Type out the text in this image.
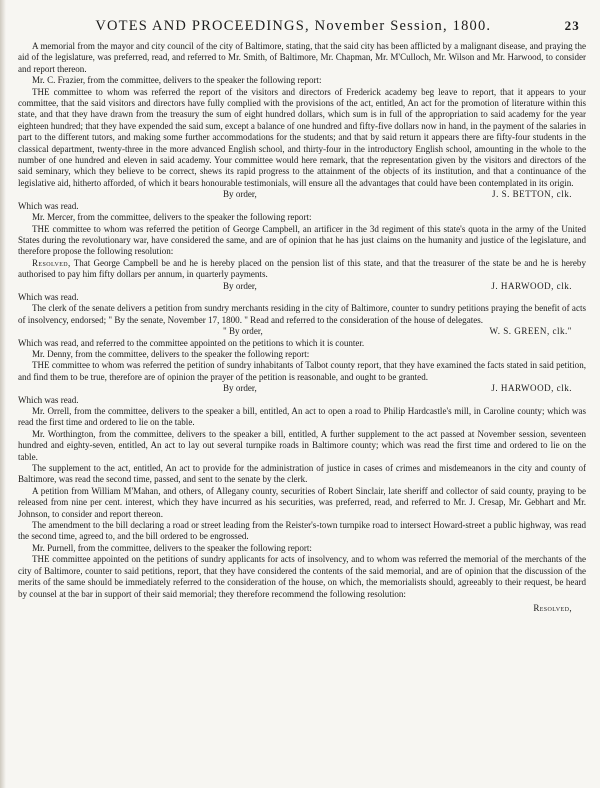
VOTES AND PROCEEDINGS, November Session, 1800.	23

A memorial from the mayor and city council of the city of Baltimore, stating, that the said city has been afflicted by a malignant disease, and praying the aid of the legislature, was preferred, read, and referred to Mr. Smith, of Baltimore, Mr. Chapman, Mr. M'Culloch, Mr. Wilson and Mr. Harwood, to consider and report thereon.

Mr. C. Frazier, from the committee, delivers to the speaker the following report:

THE committee to whom was referred the report of the visitors and directors of Frederick academy beg leave to report, that it appears to your committee, that the said visitors and directors have fully complied with the provisions of the act, entitled, An act for the promotion of literature within this state, and that they have drawn from the treasury the sum of eight hundred dollars, which sum is in full of the appropriation to said academy for the year eighteen hundred; that they have expended the said sum, except a balance of one hundred and fifty-five dollars now in hand, in the payment of the salaries in part to the different tutors, and making some further accommodations for the students; and that by said return it appears there are fifty-four students in the classical department, twenty-three in the more advanced English school, and thirty-four in the introductory English school, amounting in the whole to the number of one hundred and eleven in said academy. Your committee would here remark, that the representation given by the visitors and directors of the said seminary, which they believe to be correct, shews its rapid progress to the attainment of the objects of its institution, and that a continuance of the legislative aid, hitherto afforded, of which it bears honourable testimonials, will ensure all the advantages that could have been contemplated in its origin.

By order,	J. S. BETTON, clk.

Which was read.

Mr. Mercer, from the committee, delivers to the speaker the following report:

THE committee to whom was referred the petition of George Campbell, an artificer in the 3d regiment of this state's quota in the army of the United States during the revolutionary war, have considered the same, and are of opinion that he has just claims on the humanity and justice of the legislature, and therefore propose the following resolution:

Resolved, That George Campbell be and he is hereby placed on the pension list of this state, and that the treasurer of the state be and he is hereby authorised to pay him fifty dollars per annum, in quarterly payments.

By order,	J. HARWOOD, clk.

Which was read.

The clerk of the senate delivers a petition from sundry merchants residing in the city of Baltimore, counter to sundry petitions praying the benefit of acts of insolvency, endorsed; " By the senate, November 17, 1800. " Read and referred to the consideration of the house of delegates.

" By order,	W. S. GREEN, clk."

Which was read, and referred to the committee appointed on the petitions to which it is counter.

Mr. Denny, from the committee, delivers to the speaker the following report:

THE committee to whom was referred the petition of sundry inhabitants of Talbot county report, that they have examined the facts stated in said petition, and find them to be true, therefore are of opinion the prayer of the petition is reasonable, and ought to be granted.

By order,	J. HARWOOD, clk.

Which was read.

Mr. Orrell, from the committee, delivers to the speaker a bill, entitled, An act to open a road to Philip Hardcastle's mill, in Caroline county; which was read the first time and ordered to lie on the table.

Mr. Worthington, from the committee, delivers to the speaker a bill, entitled, A further supplement to the act passed at November session, seventeen hundred and eighty-seven, entitled, An act to lay out several turnpike roads in Baltimore county; which was read the first time and ordered to lie on the table.

The supplement to the act, entitled, An act to provide for the administration of justice in cases of crimes and misdemeanors in the city and county of Baltimore, was read the second time, passed, and sent to the senate by the clerk.

A petition from William M'Mahan, and others, of Allegany county, securities of Robert Sinclair, late sheriff and collector of said county, praying to be released from nine per cent. interest, which they have incurred as his securities, was preferred, read, and referred to Mr. J. Cresap, Mr. Gebhart and Mr. Johnson, to consider and report thereon.

The amendment to the bill declaring a road or street leading from the Reister's-town turnpike road to intersect Howard-street a public highway, was read the second time, agreed to, and the bill ordered to be engrossed.

Mr. Purnell, from the committee, delivers to the speaker the following report:

THE committee appointed on the petitions of sundry applicants for acts of insolvency, and to whom was referred the memorial of the merchants of the city of Baltimore, counter to said petitions, report, that they have considered the contents of the said memorial, and are of opinion that the discussion of the merits of the same should be immediately referred to the consideration of the house, on which, the memorialists should, agreeably to their request, be heard by counsel at the bar in support of their said memorial; they therefore recommend the following resolution:

Resolved,
